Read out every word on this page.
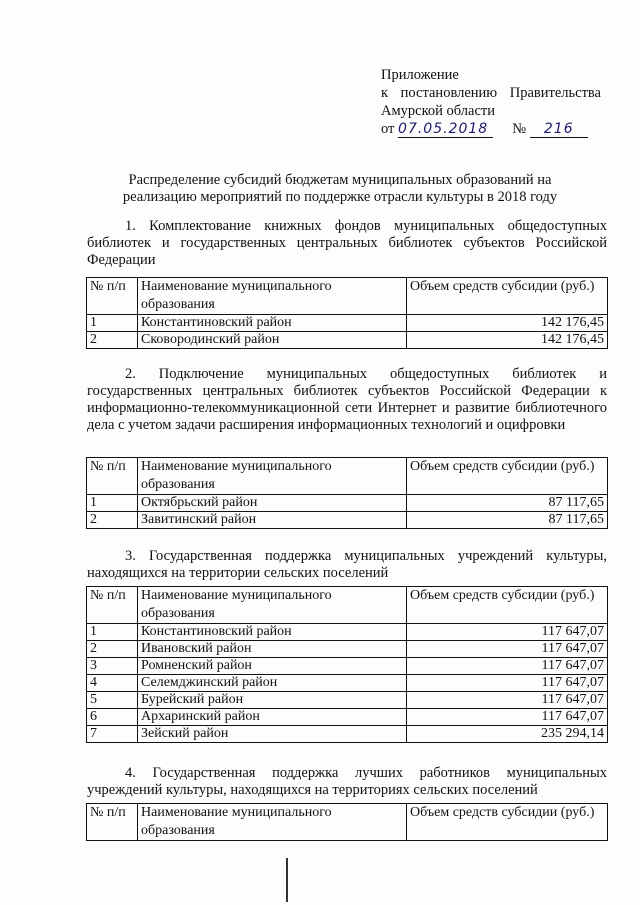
Приложение
к постановлению Правительства
Амурской области
от 07.05.2018 № 216
Распределение субсидий бюджетам муниципальных образований на реализацию мероприятий по поддержке отрасли культуры в 2018 году
1. Комплектование книжных фондов муниципальных общедоступных библиотек и государственных центральных библиотек субъектов Российской Федерации
№ п/п	Наименование муниципального образования	Объем средств субсидии (руб.)
1	Константиновский район	142 176,45
2	Сковородинский район	142 176,45
2. Подключение муниципальных общедоступных библиотек и государственных центральных библиотек субъектов Российской Федерации к информационно-телекоммуникационной сети Интернет и развитие библиотечного дела с учетом задачи расширения информационных технологий и оцифровки
№ п/п	Наименование муниципального образования	Объем средств субсидии (руб.)
1	Октябрьский район	87 117,65
2	Завитинский район	87 117,65
3. Государственная поддержка муниципальных учреждений культуры, находящихся на территории сельских поселений
№ п/п	Наименование муниципального образования	Объем средств субсидии (руб.)
1	Константиновский район	117 647,07
2	Ивановский район	117 647,07
3	Ромненский район	117 647,07
4	Селемджинский район	117 647,07
5	Бурейский район	117 647,07
6	Архаринский район	117 647,07
7	Зейский район	235 294,14
4. Государственная поддержка лучших работников муниципальных учреждений культуры, находящихся на территориях сельских поселений
№ п/п	Наименование муниципального образования	Объем средств субсидии (руб.)
